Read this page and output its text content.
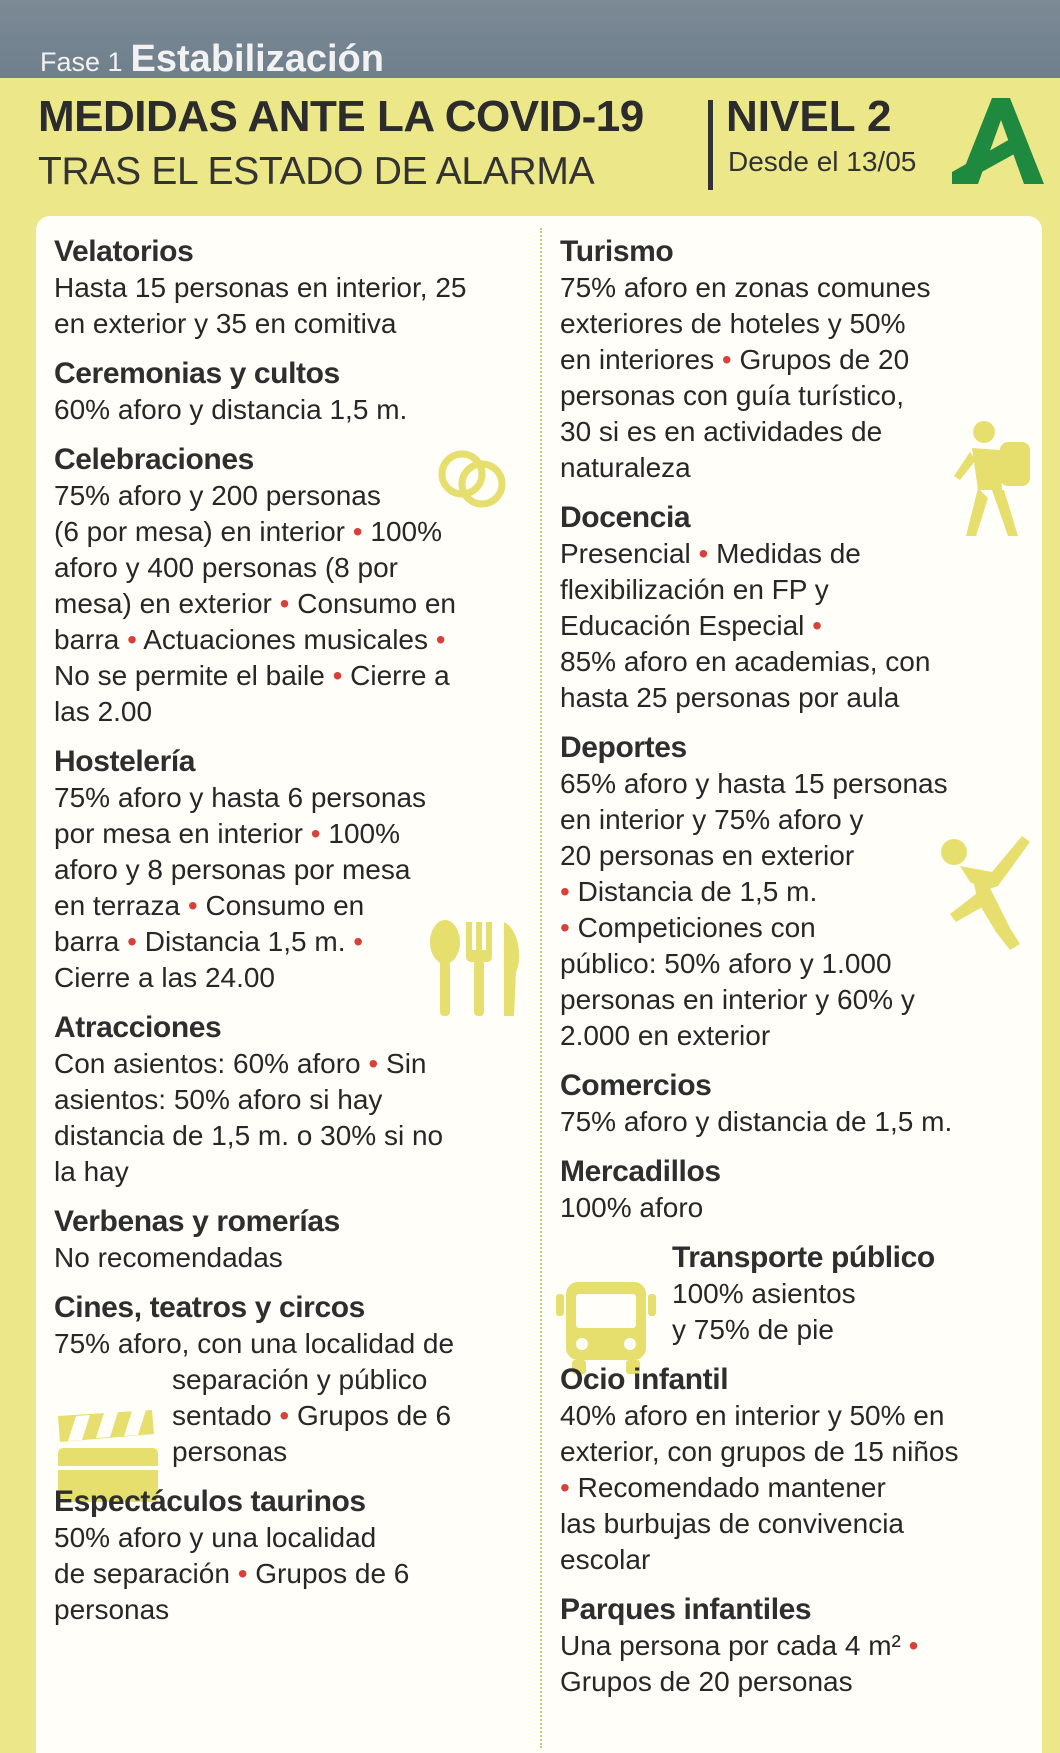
Fase 1 Estabilización
MEDIDAS ANTE LA COVID-19
TRAS EL ESTADO DE ALARMA
NIVEL 2
Desde el 13/05
Velatorios

Hasta 15 personas en interior, 25
en exterior y 35 en comitiva

Ceremonias y cultos

60% aforo y distancia 1,5 m.

Celebraciones

75% aforo y 200 personas
(6 por mesa) en interior • 100%
aforo y 400 personas (8 por
mesa) en exterior • Consumo en
barra • Actuaciones musicales •
No se permite el baile • Cierre a
las 2.00

Hostelería

75% aforo y hasta 6 personas
por mesa en interior • 100%
aforo y 8 personas por mesa
en terraza • Consumo en
barra • Distancia 1,5 m. •
Cierre a las 24.00

Atracciones

Con asientos: 60% aforo • Sin
asientos: 50% aforo si hay
distancia de 1,5 m. o 30% si no
la hay

Verbenas y romerías

No recomendadas

Cines, teatros y circos

75% aforo, con una localidad de

separación y público
sentado • Grupos de 6
personas

Espectáculos taurinos

50% aforo y una localidad
de separación • Grupos de 6
personas

Turismo

75% aforo en zonas comunes
exteriores de hoteles y 50%
en interiores • Grupos de 20
personas con guía turístico,
30 si es en actividades de
naturaleza

Docencia

Presencial • Medidas de
flexibilización en FP y
Educación Especial •
85% aforo en academias, con
hasta 25 personas por aula

Deportes

65% aforo y hasta 15 personas
en interior y 75% aforo y
20 personas en exterior
• Distancia de 1,5 m.
• Competiciones con
público: 50% aforo y 1.000
personas en interior y 60% y
2.000 en exterior

Comercios

75% aforo y distancia de 1,5 m.

Mercadillos

100% aforo

Transporte público

100% asientos
y 75% de pie

Ocio infantil

40% aforo en interior y 50% en
exterior, con grupos de 15 niños
• Recomendado mantener
las burbujas de convivencia
escolar

Parques infantiles

Una persona por cada 4 m² •
Grupos de 20 personas
